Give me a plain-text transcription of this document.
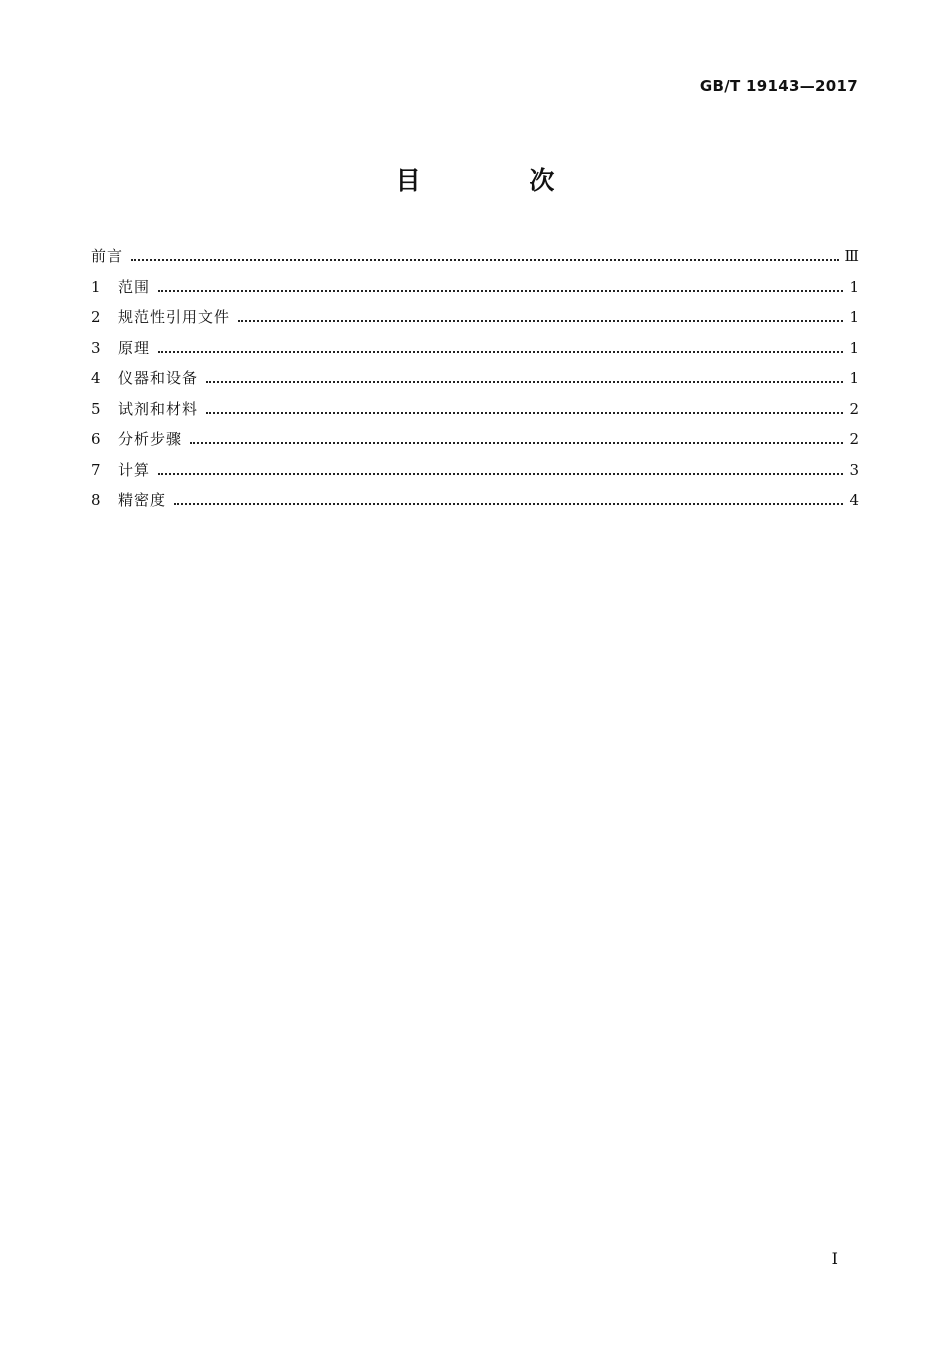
GB/T 19143—2017
目 次
前言	Ⅲ
1	范围	1
2	规范性引用文件	1
3	原理	1
4	仪器和设备	1
5	试剂和材料	2
6	分析步骤	2
7	计算	3
8	精密度	4
I
